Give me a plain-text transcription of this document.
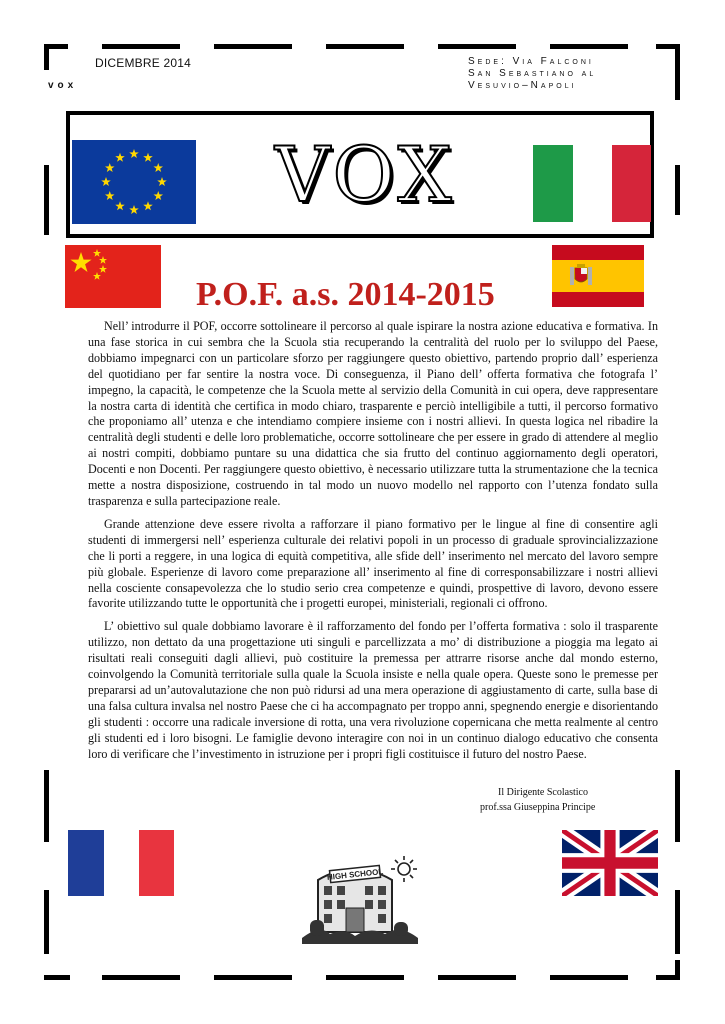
DICEMBRE 2014
vox
Sede: Via Falconi
San Sebastiano al
Vesuvio–Napoli
VOX
P.O.F. a.s. 2014-2015

Nell’ introdurre il POF, occorre sottolineare il percorso al quale ispirare la nostra azione educativa e formativa. In una fase storica in cui sembra che la Scuola stia recuperando la centralità del ruolo per lo sviluppo del Paese, dobbiamo impegnarci con un particolare sforzo per raggiungere questo obiettivo, partendo proprio dall’ esperienza del quotidiano per far sentire la nostra voce. Di conseguenza, il Piano dell’ offerta formativa che fotografa l’ impegno, la capacità, le competenze che la Scuola mette al servizio della Comunità in cui opera, deve rappresentare la nostra carta di identità che certifica in modo chiaro, trasparente e perciò intelligibile a tutti, il percorso formativo che proponiamo all’ utenza e che intendiamo compiere insieme con i nostri allievi. In questa logica nel ribadire la centralità degli studenti e delle loro problematiche, occorre sottolineare che per essere in grado di attendere al meglio ai nostri compiti, dobbiamo puntare su una didattica che sia frutto del continuo aggiornamento degli operatori, Docenti e non Docenti. Per raggiungere questo obiettivo, è necessario utilizzare tutta la strumentazione che la tecnica mette a nostra disposizione, costruendo in tal modo un nuovo modello nel rapporto con l’utenza fondato sulla trasparenza e sulla partecipazione reale.

Grande attenzione deve essere rivolta a rafforzare il piano formativo per le lingue al fine di consentire agli studenti di immergersi nell’ esperienza culturale dei relativi popoli in un processo di graduale sprovincializzazione che li porti a reggere, in una logica di equità competitiva, alle sfide dell’ inserimento nel mercato del lavoro sempre più globale. Esperienze di lavoro come preparazione all’ inserimento al fine di corresponsabilizzare i nostri allievi nella cosciente consapevolezza che lo studio serio crea competenze e quindi, prospettive di lavoro, devono essere favorite utilizzando tutte le opportunità che i progetti europei, ministeriali, regionali ci offrono.

L’ obiettivo sul quale dobbiamo lavorare è il rafforzamento del fondo per l’offerta formativa : solo il trasparente utilizzo, non dettato da una progettazione uti singuli e parcellizzata a mo’ di distribuzione a pioggia ma legato ai risultati reali conseguiti dagli allievi, può costituire la premessa per attrarre risorse anche dal mondo esterno, coinvolgendo la Comunità territoriale sulla quale la Scuola insiste e nella quale opera. Queste sono le premesse per prepararsi ad un’autovalutazione che non può ridursi ad una mera operazione di aggiustamento di carte, sulla base di una falsa cultura invalsa nel nostro Paese che ci ha accompagnato per troppo anni, spegnendo energie e disorientando gli studenti : occorre una radicale inversione di rotta, una vera rivoluzione copernicana che metta realmente al centro gli studenti ed i loro bisogni. Le famiglie devono interagire con noi in un continuo dialogo educativo che consenta loro di verificare che l’investimento in istruzione per i propri figli costituisce il futuro del nostro Paese.

Il Dirigente Scolastico
prof.ssa Giuseppina Principe
HIGH SCHOOL
